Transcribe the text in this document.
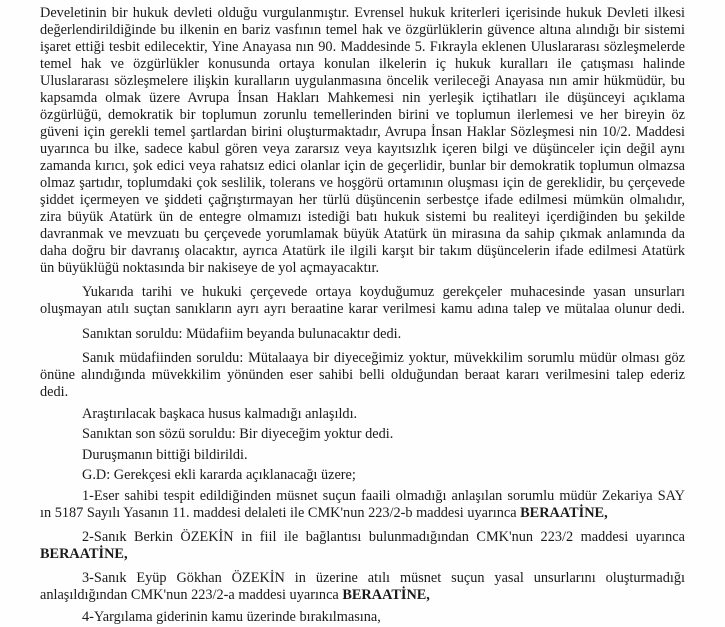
Develetinin bir hukuk devleti olduğu vurgulanmıştır. Evrensel hukuk kriterleri içerisinde hukuk Devleti ilkesi
değerlendirildiğinde bu ilkenin en bariz vasfının temel hak ve özgürlüklerin güvence altına alındığı bir sistemi
işaret ettiği tesbit edilecektir, Yine Anayasa nın 90. Maddesinde 5. Fıkrayla eklenen Uluslararası sözleşmelerde
temel hak ve özgürlükler konusunda ortaya konulan ilkelerin iç hukuk kuralları ile çatışması halinde
Uluslararası sözleşmelere ilişkin kuralların uygulanmasına öncelik verileceği Anayasa nın amir hükmüdür, bu
kapsamda olmak üzere Avrupa İnsan Hakları Mahkemesi nin yerleşik içtihatları ile düşünceyi açıklama
özgürlüğü, demokratik bir toplumun zorunlu temellerinden birini ve toplumun ilerlemesi ve her bireyin öz
güveni için gerekli temel şartlardan birini oluşturmaktadır, Avrupa İnsan Haklar Sözleşmesi nin 10/2. Maddesi
uyarınca bu ilke, sadece kabul gören veya zararsız veya kayıtsızlık içeren bilgi ve düşünceler için değil aynı
zamanda kırıcı, şok edici veya rahatsız edici olanlar için de geçerlidir, bunlar bir demokratik toplumun olmazsa
olmaz şartıdır, toplumdaki çok seslilik, tolerans ve hoşgörü ortamının oluşması için de gereklidir, bu çerçevede
şiddet içermeyen ve şiddeti çağrıştırmayan her türlü düşüncenin serbestçe ifade edilmesi mümkün olmalıdır,
zira büyük Atatürk ün de entegre olmamızı istediği batı hukuk sistemi bu realiteyi içerdiğinden bu şekilde
davranmak ve mevzuatı bu çerçevede yorumlamak büyük Atatürk ün mirasına da sahip çıkmak anlamında da
daha doğru bir davranış olacaktır, ayrıca Atatürk ile ilgili karşıt bir takım düşüncelerin ifade edilmesi Atatürk
ün büyüklüğü noktasında bir nakiseye de yol açmayacaktır.
Yukarıda tarihi ve hukuki çerçevede ortaya koyduğumuz gerekçeler muhacesinde yasan unsurları
oluşmayan atılı suçtan sanıkların ayrı ayrı beraatine karar verilmesi kamu adına talep ve mütalaa olunur dedi.
Sanıktan soruldu: Müdafiim beyanda bulunacaktır dedi.
Sanık müdafiinden soruldu: Mütalaaya bir diyeceğimiz yoktur, müvekkilim sorumlu müdür olması göz
önüne alındığında müvekkilim yönünden eser sahibi belli olduğundan beraat kararı verilmesini talep ederiz
dedi.
Araştırılacak başkaca husus kalmadığı anlaşıldı.
Sanıktan son sözü soruldu: Bir diyeceğim yoktur dedi.
Duruşmanın bittiği bildirildi.
G.D: Gerekçesi ekli kararda açıklanacağı üzere;
1-Eser sahibi tespit edildiğinden müsnet suçun faaili olmadığı anlaşılan sorumlu müdür Zekariya SAY
ın 5187 Sayılı Yasanın 11. maddesi delaleti ile CMK'nun 223/2-b maddesi uyarınca BERAATİNE,
2-Sanık Berkin ÖZEKİN in fiil ile bağlantısı bulunmadığından CMK'nun 223/2 maddesi uyarınca
BERAATİNE,
3-Sanık Eyüp Gökhan ÖZEKİN in üzerine atılı müsnet suçun yasal unsurlarını oluşturmadığı
anlaşıldığından CMK'nun 223/2-a maddesi uyarınca BERAATİNE,
4-Yargılama giderinin kamu üzerinde bırakılmasına,
